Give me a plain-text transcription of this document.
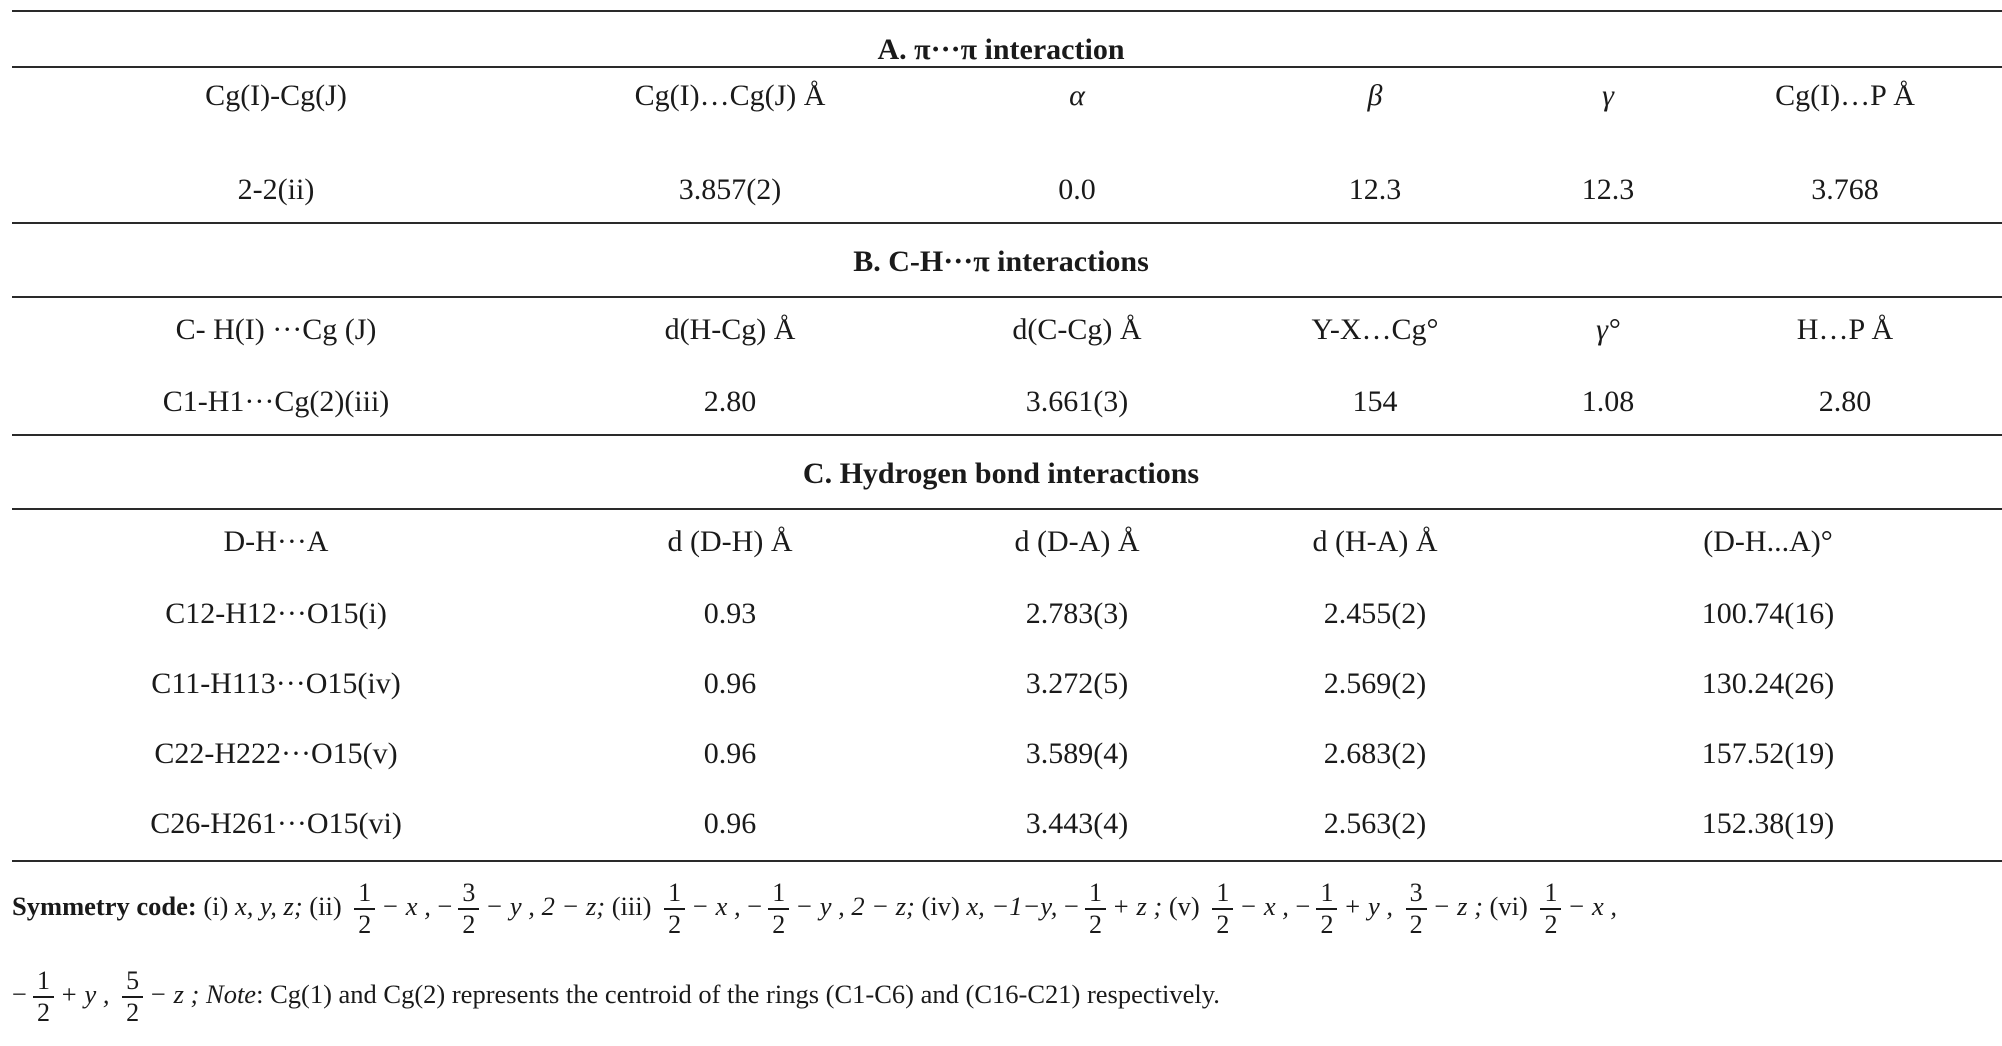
A. π···π interaction
Cg(I)-Cg(J)	Cg(I)…Cg(J) Å	α	β	γ	Cg(I)…P Å
2-2(ii)	3.857(2)	0.0	12.3	12.3	3.768
B. C-H···π interactions
C- H(I) ···Cg (J)	d(H-Cg) Å	d(C-Cg) Å	Y-X…Cg°	γ°	H…P Å
C1-H1···Cg(2)(iii)	2.80	3.661(3)	154	1.08	2.80
C. Hydrogen bond interactions
D-H···A	d (D-H) Å	d (D-A) Å	d (H-A) Å	(D-H...A)°
C12-H12···O15(i)	0.93	2.783(3)	2.455(2)	100.74(16)
C11-H113···O15(iv)	0.96	3.272(5)	2.569(2)	130.24(26)
C22-H222···O15(v)	0.96	3.589(4)	2.683(2)	157.52(19)
C26-H261···O15(vi)	0.96	3.443(4)	2.563(2)	152.38(19)
Symmetry code: (i) x, y, z; $(ii) \frac{1}{2} - x$ , − $\frac{3}{2} - y$ , 2 − z; $(iii) \frac{1}{2} - x$ , − $\frac{1}{2} - y$ , 2 − z; (iv) x, −1−y, − $\frac{1}{2} + z$ ; $(v) \frac{1}{2} - x$ , − $\frac{1}{2} + y$ , $\frac{3}{2} - z$ ; $(vi) \frac{1}{2} - x$ ,
− $\frac{1}{2} + y$ , $\frac{5}{2} - z$ ; Note: Cg(1) and Cg(2) represents the centroid of the rings (C1-C6) and (C16-C21) respectively.
